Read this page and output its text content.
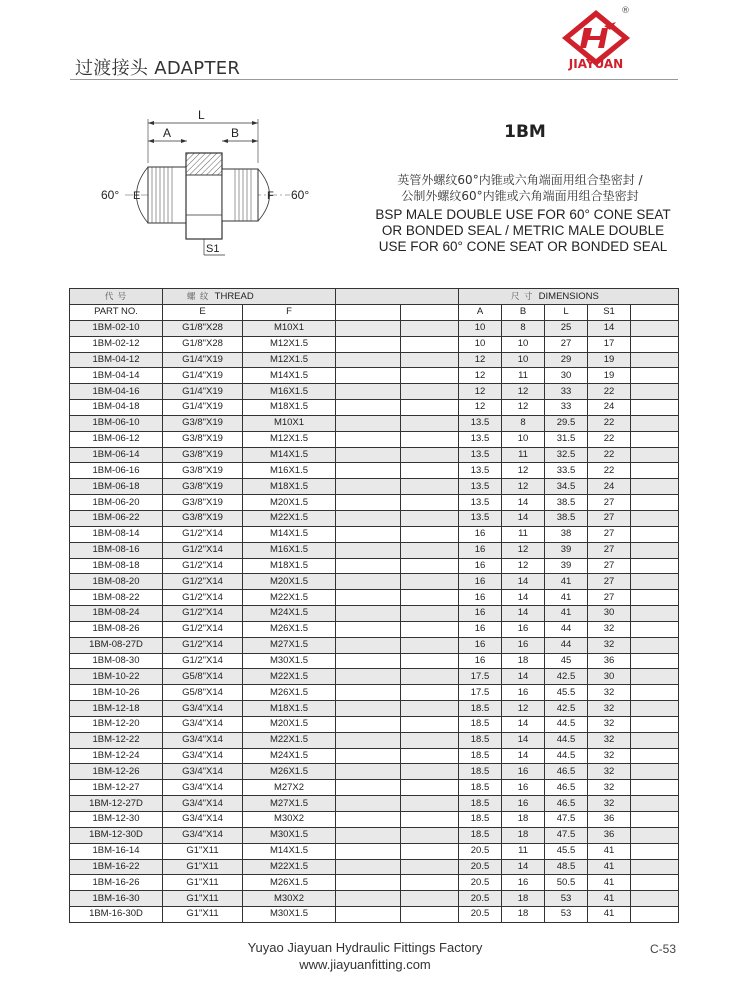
过渡接头 ADAPTER
®
JIAYUAN
L
A	B
60°	60°
E	F
S1
1BM
英管外螺纹60°内锥或六角端面用组合垫密封 /
公制外螺纹60°内锥或六角端面用组合垫密封
BSP MALE DOUBLE USE FOR 60° CONE SEAT
OR BONDED SEAL / METRIC MALE DOUBLE
USE FOR 60° CONE SEAT OR BONDED SEAL
代 号	螺 纹 THREAD				尺 寸 DIMENSIONS				
PART NO.	E	F			A	B	L	S1	
1BM-02-10	G1/8"X28	M10X1			10	8	25	14	
1BM-02-12	G1/8"X28	M12X1.5			10	10	27	17	
1BM-04-12	G1/4"X19	M12X1.5			12	10	29	19	
1BM-04-14	G1/4"X19	M14X1.5			12	11	30	19	
1BM-04-16	G1/4"X19	M16X1.5			12	12	33	22	
1BM-04-18	G1/4"X19	M18X1.5			12	12	33	24	
1BM-06-10	G3/8"X19	M10X1			13.5	8	29.5	22	
1BM-06-12	G3/8"X19	M12X1.5			13.5	10	31.5	22	
1BM-06-14	G3/8"X19	M14X1.5			13.5	11	32.5	22	
1BM-06-16	G3/8"X19	M16X1.5			13.5	12	33.5	22	
1BM-06-18	G3/8"X19	M18X1.5			13.5	12	34.5	24	
1BM-06-20	G3/8"X19	M20X1.5			13.5	14	38.5	27	
1BM-06-22	G3/8"X19	M22X1.5			13.5	14	38.5	27	
1BM-08-14	G1/2"X14	M14X1.5			16	11	38	27	
1BM-08-16	G1/2"X14	M16X1.5			16	12	39	27	
1BM-08-18	G1/2"X14	M18X1.5			16	12	39	27	
1BM-08-20	G1/2"X14	M20X1.5			16	14	41	27	
1BM-08-22	G1/2"X14	M22X1.5			16	14	41	27	
1BM-08-24	G1/2"X14	M24X1.5			16	14	41	30	
1BM-08-26	G1/2"X14	M26X1.5			16	16	44	32	
1BM-08-27D	G1/2"X14	M27X1.5			16	16	44	32	
1BM-08-30	G1/2"X14	M30X1.5			16	18	45	36	
1BM-10-22	G5/8"X14	M22X1.5			17.5	14	42.5	30	
1BM-10-26	G5/8"X14	M26X1.5			17.5	16	45.5	32	
1BM-12-18	G3/4"X14	M18X1.5			18.5	12	42.5	32	
1BM-12-20	G3/4"X14	M20X1.5			18.5	14	44.5	32	
1BM-12-22	G3/4"X14	M22X1.5			18.5	14	44.5	32	
1BM-12-24	G3/4"X14	M24X1.5			18.5	14	44.5	32	
1BM-12-26	G3/4"X14	M26X1.5			18.5	16	46.5	32	
1BM-12-27	G3/4"X14	M27X2			18.5	16	46.5	32	
1BM-12-27D	G3/4"X14	M27X1.5			18.5	16	46.5	32	
1BM-12-30	G3/4"X14	M30X2			18.5	18	47.5	36	
1BM-12-30D	G3/4"X14	M30X1.5			18.5	18	47.5	36	
1BM-16-14	G1"X11	M14X1.5			20.5	11	45.5	41	
1BM-16-22	G1"X11	M22X1.5			20.5	14	48.5	41	
1BM-16-26	G1"X11	M26X1.5			20.5	16	50.5	41	
1BM-16-30	G1"X11	M30X2			20.5	18	53	41	
1BM-16-30D	G1"X11	M30X1.5			20.5	18	53	41	
Yuyao Jiayuan Hydraulic Fittings Factory
www.jiayuanfitting.com
C-53
